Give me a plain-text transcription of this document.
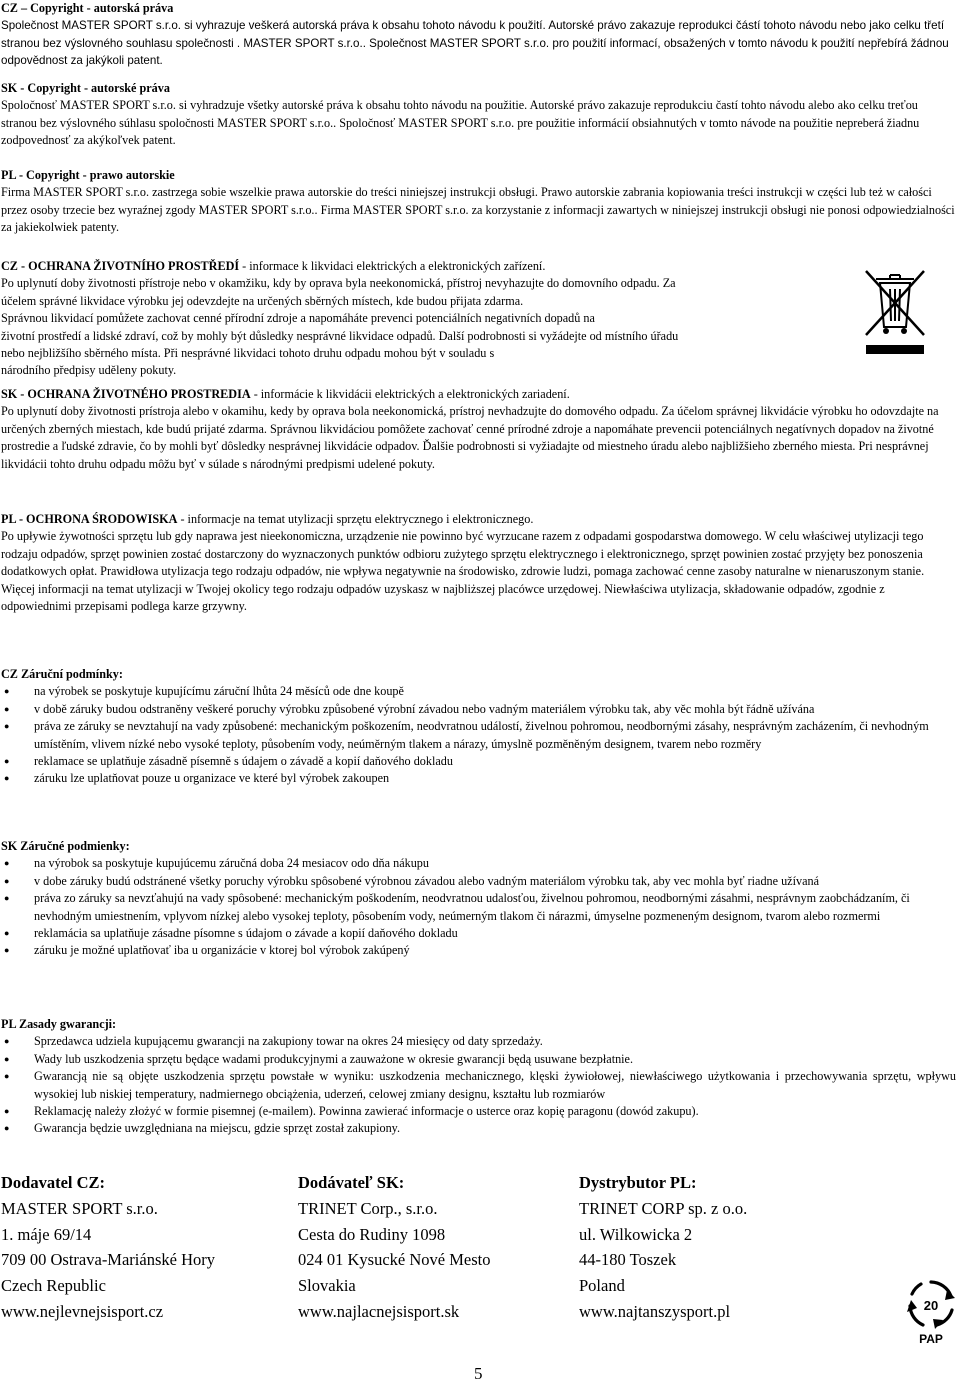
CZ – Copyright - autorská práva

Společnost MASTER SPORT s.r.o. si vyhrazuje veškerá autorská práva k obsahu tohoto návodu k použití. Autorské právo zakazuje reprodukci částí tohoto návodu nebo jako celku třetí stranou bez výslovného souhlasu společnosti . MASTER SPORT s.r.o.. Společnost MASTER SPORT s.r.o. pro použití informací, obsažených v tomto návodu k použití nepřebírá žádnou odpovědnost za jakýkoli patent.

SK - Copyright - autorské práva

Spoločnosť MASTER SPORT s.r.o. si vyhradzuje všetky autorské práva k obsahu tohto návodu na použitie. Autorské právo zakazuje reprodukciu častí tohto návodu alebo ako celku treťou stranou bez výslovného súhlasu spoločnosti MASTER SPORT s.r.o.. Spoločnosť MASTER SPORT s.r.o. pre použitie informácií obsiahnutých v tomto návode na použitie nepreberá žiadnu zodpovednosť za akýkoľvek patent.

PL - Copyright - prawo autorskie

Firma MASTER SPORT s.r.o. zastrzega sobie wszelkie prawa autorskie do treści niniejszej instrukcji obsługi. Prawo autorskie zabrania kopiowania treści instrukcji w części lub też w całości przez osoby trzecie bez wyraźnej zgody MASTER SPORT s.r.o.. Firma MASTER SPORT s.r.o. za korzystanie z informacji zawartych w niniejszej instrukcji obsługi nie ponosi odpowiedzialności za jakiekolwiek patenty.

CZ - OCHRANA ŽIVOTNÍHO PROSTŘEDÍ - informace k likvidaci elektrických a elektronických zařízení.

Po uplynutí doby životnosti přístroje nebo v okamžiku, kdy by oprava byla neekonomická, přístroj nevyhazujte do domovního odpadu. Za

účelem správné likvidace výrobku jej odevzdejte na určených sběrných místech, kde budou přijata zdarma.

Správnou likvidací pomůžete zachovat cenné přírodní zdroje a napomáháte prevenci potenciálních negativních dopadů na

životní prostředí a lidské zdraví, což by mohly být důsledky nesprávné likvidace odpadů. Další podrobnosti si vyžádejte od místního úřadu

nebo nejbližšího sběrného místa. Při nesprávné likvidaci tohoto druhu odpadu mohou být v souladu s

národního předpisy uděleny pokuty.

SK - OCHRANA ŽIVOTNÉHO PROSTREDIA - informácie k likvidácii elektrických a elektronických zariadení.

Po uplynutí doby životnosti prístroja alebo v okamihu, kedy by oprava bola neekonomická, prístroj nevhadzujte do domového odpadu. Za účelom správnej likvidácie výrobku ho odovzdajte na určených zberných miestach, kde budú prijaté zdarma. Správnou likvidáciou pomôžete zachovať cenné prírodné zdroje a napomáhate prevencii potenciálnych negatívnych dopadov na životné prostredie a ľudské zdravie, čo by mohli byť dôsledky nesprávnej likvidácie odpadov. Ďalšie podrobnosti si vyžiadajte od miestneho úradu alebo najbližšieho zberného miesta. Pri nesprávnej likvidácii tohto druhu odpadu môžu byť v súlade s národnými predpismi udelené pokuty.

PL - OCHRONA ŚRODOWISKA - informacje na temat utylizacji sprzętu elektrycznego i elektronicznego.

Po upływie żywotności sprzętu lub gdy naprawa jest nieekonomiczna, urządzenie nie powinno być wyrzucane razem z odpadami gospodarstwa domowego. W celu właściwej utylizacji tego rodzaju odpadów, sprzęt powinien zostać dostarczony do wyznaczonych punktów odbioru zużytego sprzętu elektrycznego i elektronicznego, sprzęt powinien zostać przyjęty bez ponoszenia dodatkowych opłat. Prawidłowa utylizacja tego rodzaju odpadów, nie wpływa negatywnie na środowisko, zdrowie ludzi, pomaga zachować cenne zasoby naturalne w nienaruszonym stanie. Więcej informacji na temat utylizacji w Twojej okolicy tego rodzaju odpadów uzyskasz w najbliższej placówce urzędowej. Niewłaściwa utylizacja, składowanie odpadów, zgodnie z odpowiednimi przepisami podlega karze grzywny.

CZ Záruční podmínky:

● na výrobek se poskytuje kupujícímu záruční lhůta 24 měsíců ode dne koupě
● v době záruky budou odstraněny veškeré poruchy výrobku způsobené výrobní závadou nebo vadným materiálem výrobku tak, aby věc mohla být řádně užívána
● práva ze záruky se nevztahují na vady způsobené: mechanickým poškozením, neodvratnou událostí, živelnou pohromou, neodbornými zásahy, nesprávným zacházením, či nevhodným umístěním, vlivem nízké nebo vysoké teploty, působením vody, neúměrným tlakem a nárazy, úmyslně pozměněným designem, tvarem nebo rozměry
● reklamace se uplatňuje zásadně písemně s údajem o závadě a kopií daňového dokladu
● záruku lze uplatňovat pouze u organizace ve které byl výrobek zakoupen

SK Záručné podmienky:

● na výrobok sa poskytuje kupujúcemu záručná doba 24 mesiacov odo dňa nákupu
● v dobe záruky budú odstránené všetky poruchy výrobku spôsobené výrobnou závadou alebo vadným materiálom výrobku tak, aby vec mohla byť riadne užívaná
● práva zo záruky sa nevzťahujú na vady spôsobené: mechanickým poškodením, neodvratnou udalosťou, živelnou pohromou, neodbornými zásahmi, nesprávnym zaobchádzaním, či nevhodným umiestnením, vplyvom nízkej alebo vysokej teploty, pôsobením vody, neúmerným tlakom či nárazmi, úmyselne pozmeneným designom, tvarom alebo rozmermi
● reklamácia sa uplatňuje zásadne písomne s údajom o závade a kopií daňového dokladu
● záruku je možné uplatňovať iba u organizácie v ktorej bol výrobok zakúpený

PL Zasady gwarancji:

● Sprzedawca udziela kupującemu gwarancji na zakupiony towar na okres 24 miesięcy od daty sprzedaży.
● Wady lub uszkodzenia sprzętu będące wadami produkcyjnymi a zauważone w okresie gwarancji będą usuwane bezpłatnie.
● Gwarancją nie są objęte uszkodzenia sprzętu powstałe w wyniku: uszkodzenia mechanicznego, klęski żywiołowej, niewłaściwego użytkowania i przechowywania sprzętu, wpływu wysokiej lub niskiej temperatury, nadmiernego obciążenia, uderzeń, celowej zmiany designu, kształtu lub rozmiarów
● Reklamację należy złożyć w formie pisemnej (e-mailem). Powinna zawierać informacje o usterce oraz kopię paragonu (dowód zakupu).
● Gwarancja będzie uwzględniana na miejscu, gdzie sprzęt został zakupiony.
Dodavatel CZ:
MASTER SPORT s.r.o.
1. máje 69/14
709 00 Ostrava-Mariánské Hory
Czech Republic
www.nejlevnejsisport.cz
Dodávateľ SK:
TRINET Corp., s.r.o.
Cesta do Rudiny 1098
024 01 Kysucké Nové Mesto
Slovakia
www.najlacnejsisport.sk
Dystrybutor PL:
TRINET CORP sp. z o.o.
ul. Wilkowicka 2
44-180 Toszek
Poland
www.najtanszysport.pl	20
PAP
5
